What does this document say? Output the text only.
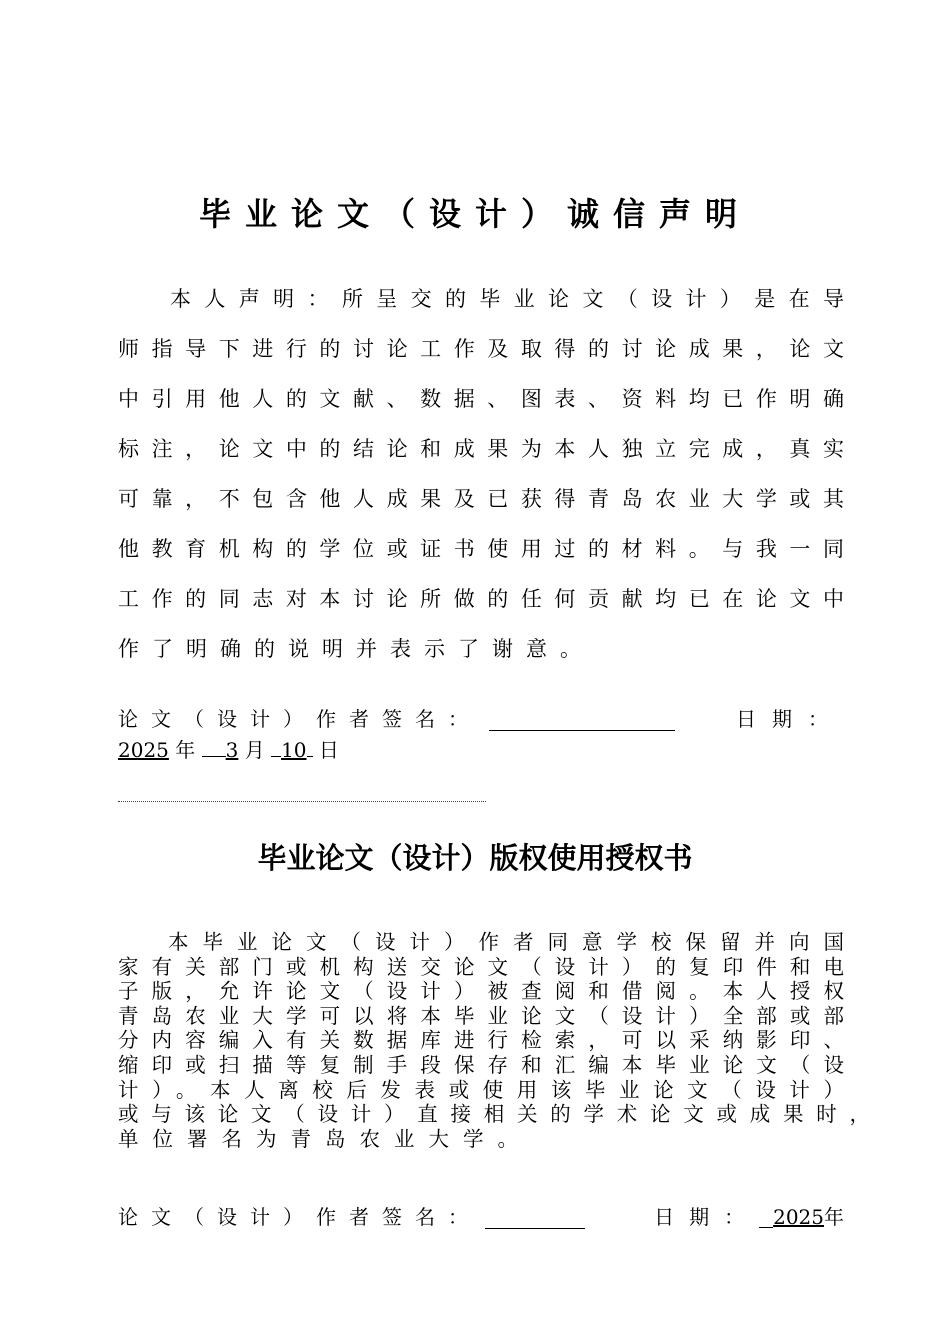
毕业论文（设计）诚信声明
本人声明：所呈交的毕业论文（设计）是在导
师指导下进行的讨论工作及取得的讨论成果，论文
中引用他人的文献、数据、图表、资料均已作明确
标注，论文中的结论和成果为本人独立完成，真实
可靠，不包含他人成果及已获得青岛农业大学或其
他教育机构的学位或证书使用过的材料。与我一同
工作的同志对本讨论所做的任何贡献均已在论文中
作了明确的说明并表示了谢意。
论文（设计）作者签名：	日期：
2025 年 3 月 10 日
毕业论文（设计）版权使用授权书
本毕业论文（设计）作者同意学校保留并向国
家有关部门或机构送交论文（设计）的复印件和电
子版，允许论文（设计）被查阅和借阅。本人授权
青岛农业大学可以将本毕业论文（设计）全部或部
分内容编入有关数据库进行检索，可以采纳影印、
缩印或扫描等复制手段保存和汇编本毕业论文（设
计）。本人离校后发表或使用该毕业论文（设计）
或与该论文（设计）直接相关的学术论文或成果时，
单位署名为青岛农业大学。
论文（设计）作者签名：	日期： 2025 年
